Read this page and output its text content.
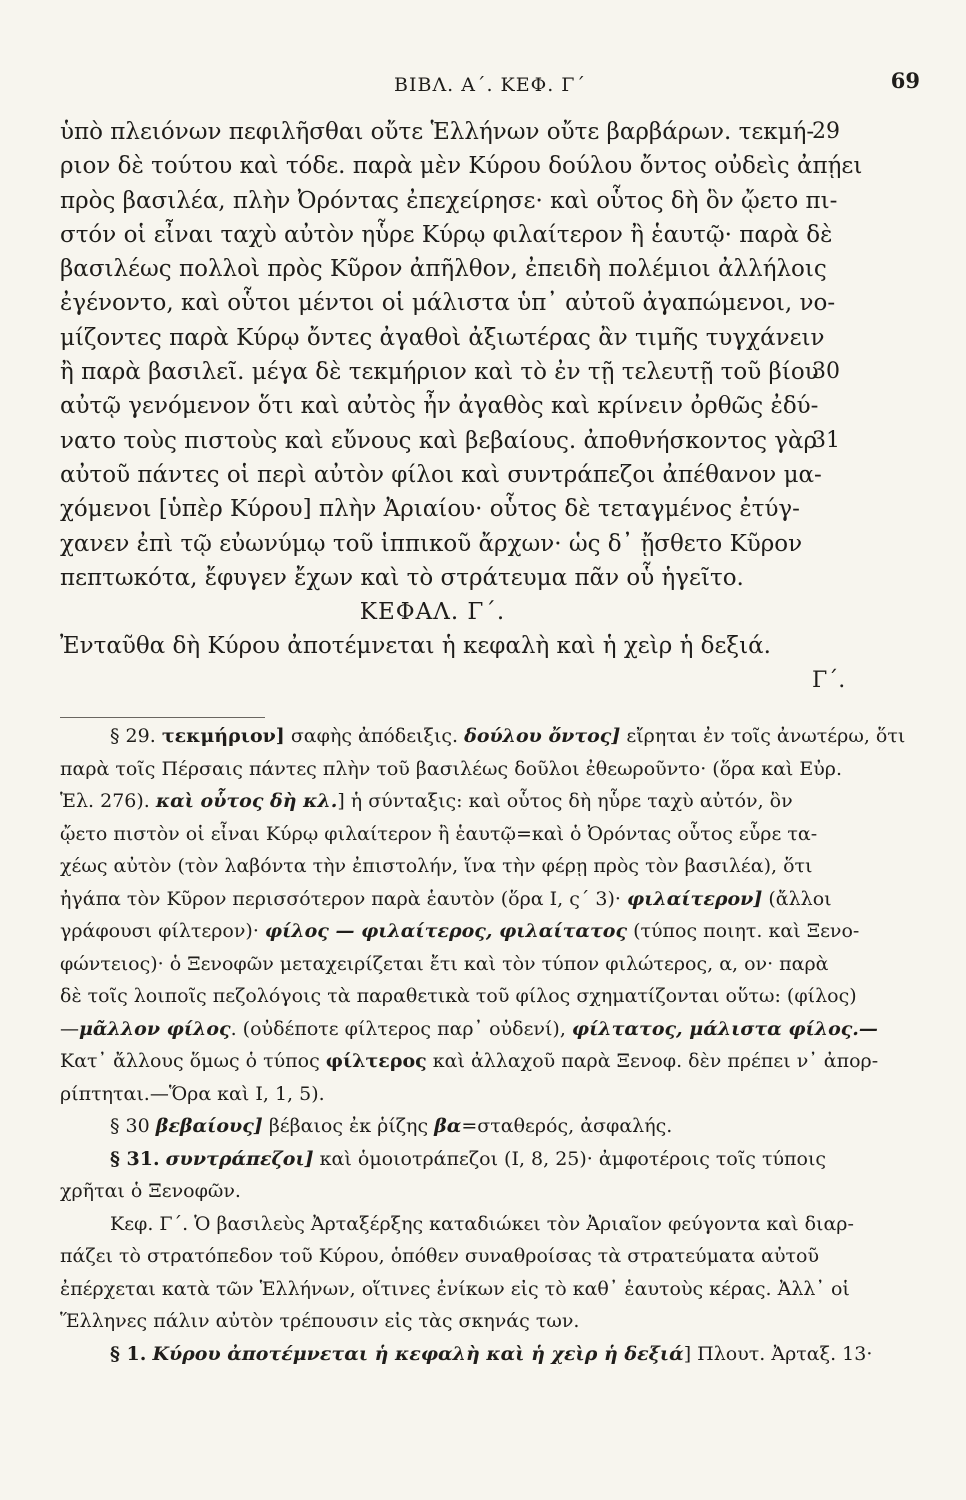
ΒΙΒΛ. Α΄. ΚΕΦ. Γ΄	69
ὑπὸ πλειόνων πεφιλῆσθαι οὔτε Ἑλλήνων οὔτε βαρβάρων. τεκμή-
ριον δὲ τούτου καὶ τόδε. παρὰ μὲν Κύρου δούλου ὄντος οὐδεὶς ἀπῄει
πρὸς βασιλέα, πλὴν Ὀρόντας ἐπεχείρησε· καὶ οὗτος δὴ ὃν ᾤετο πι-
στόν οἱ εἶναι ταχὺ αὐτὸν ηὗρε Κύρῳ φιλαίτερον ἢ ἑαυτῷ· παρὰ δὲ
βασιλέως πολλοὶ πρὸς Κῦρον ἀπῆλθον, ἐπειδὴ πολέμιοι ἀλλήλοις
ἐγένοντο, καὶ οὗτοι μέντοι οἱ μάλιστα ὑπ᾽ αὐτοῦ ἀγαπώμενοι, νο-
μίζοντες παρὰ Κύρῳ ὄντες ἀγαθοὶ ἀξιωτέρας ἂν τιμῆς τυγχάνειν
ἢ παρὰ βασιλεῖ. μέγα δὲ τεκμήριον καὶ τὸ ἐν τῇ τελευτῇ τοῦ βίου
αὐτῷ γενόμενον ὅτι καὶ αὐτὸς ἦν ἀγαθὸς καὶ κρίνειν ὀρθῶς ἐδύ-
νατο τοὺς πιστοὺς καὶ εὔνους καὶ βεβαίους. ἀποθνήσκοντος γὰρ
αὐτοῦ πάντες οἱ περὶ αὐτὸν φίλοι καὶ συντράπεζοι ἀπέθανον μα-
χόμενοι [ὑπὲρ Κύρου] πλὴν Ἀριαίου· οὗτος δὲ τεταγμένος ἐτύγ-
χανεν ἐπὶ τῷ εὐωνύμῳ τοῦ ἱππικοῦ ἄρχων· ὡς δ᾽ ᾔσθετο Κῦρον
πεπτωκότα, ἔφυγεν ἔχων καὶ τὸ στράτευμα πᾶν οὗ ἡγεῖτο.
ΚΕΦΑΛ. Γ΄.
Ἐνταῦθα δὴ Κύρου ἀποτέμνεται ἡ κεφαλὴ καὶ ἡ χεὶρ ἡ δεξιά.
29
30
31
Γ΄.
§ 29. τεκμήριον] σαφὴς ἀπόδειξις. δούλου ὄντος] εἴρηται ἐν τοῖς ἀνωτέρω, ὅτι
παρὰ τοῖς Πέρσαις πάντες πλὴν τοῦ βασιλέως δοῦλοι ἐθεωροῦντο· (ὅρα καὶ Εὐρ.
Ἑλ. 276). καὶ οὗτος δὴ κλ.] ἡ σύνταξις: καὶ οὗτος δὴ ηὗρε ταχὺ αὐτόν, ὃν
ᾤετο πιστὸν οἱ εἶναι Κύρῳ φιλαίτερον ἢ ἑαυτῷ=καὶ ὁ Ὀρόντας οὗτος εὗρε τα-
χέως αὐτὸν (τὸν λαβόντα τὴν ἐπιστολήν, ἵνα τὴν φέρῃ πρὸς τὸν βασιλέα), ὅτι
ἠγάπα τὸν Κῦρον περισσότερον παρὰ ἑαυτὸν (ὅρα Ι, ς΄ 3)· φιλαίτερον] (ἄλλοι
γράφουσι φίλτερον)· φίλος — φιλαίτερος, φιλαίτατος (τύπος ποιητ. καὶ Ξενο-
φώντειος)· ὁ Ξενοφῶν μεταχειρίζεται ἔτι καὶ τὸν τύπον φιλώτερος, α, ον· παρὰ
δὲ τοῖς λοιποῖς πεζολόγοις τὰ παραθετικὰ τοῦ φίλος σχηματίζονται οὕτω: (φίλος)
—μᾶλλον φίλος. (οὐδέποτε φίλτερος παρ᾽ οὐδενί), φίλτατος, μάλιστα φίλος.—
Κατ᾽ ἄλλους ὅμως ὁ τύπος φίλτερος καὶ ἀλλαχοῦ παρὰ Ξενοφ. δὲν πρέπει ν᾽ ἀπορ-
ρίπτηται.—Ὅρα καὶ Ι, 1, 5).
§ 30 βεβαίους] βέβαιος ἐκ ῥίζης βα=σταθερός, ἀσφαλής.
§ 31. συντράπεζοι] καὶ ὁμοιοτράπεζοι (Ι, 8, 25)· ἀμφοτέροις τοῖς τύποις
χρῆται ὁ Ξενοφῶν.
Κεφ. Γ΄. Ὁ βασιλεὺς Ἀρταξέρξης καταδιώκει τὸν Ἀριαῖον φεύγοντα καὶ διαρ-
πάζει τὸ στρατόπεδον τοῦ Κύρου, ὁπόθεν συναθροίσας τὰ στρατεύματα αὐτοῦ
ἐπέρχεται κατὰ τῶν Ἑλλήνων, οἵτινες ἐνίκων εἰς τὸ καθ᾽ ἑαυτοὺς κέρας. Ἀλλ᾽ οἱ
Ἕλληνες πάλιν αὐτὸν τρέπουσιν εἰς τὰς σκηνάς των.
§ 1. Κύρου ἀποτέμνεται ἡ κεφαλὴ καὶ ἡ χεὶρ ἡ δεξιά] Πλουτ. Ἀρταξ. 13·
